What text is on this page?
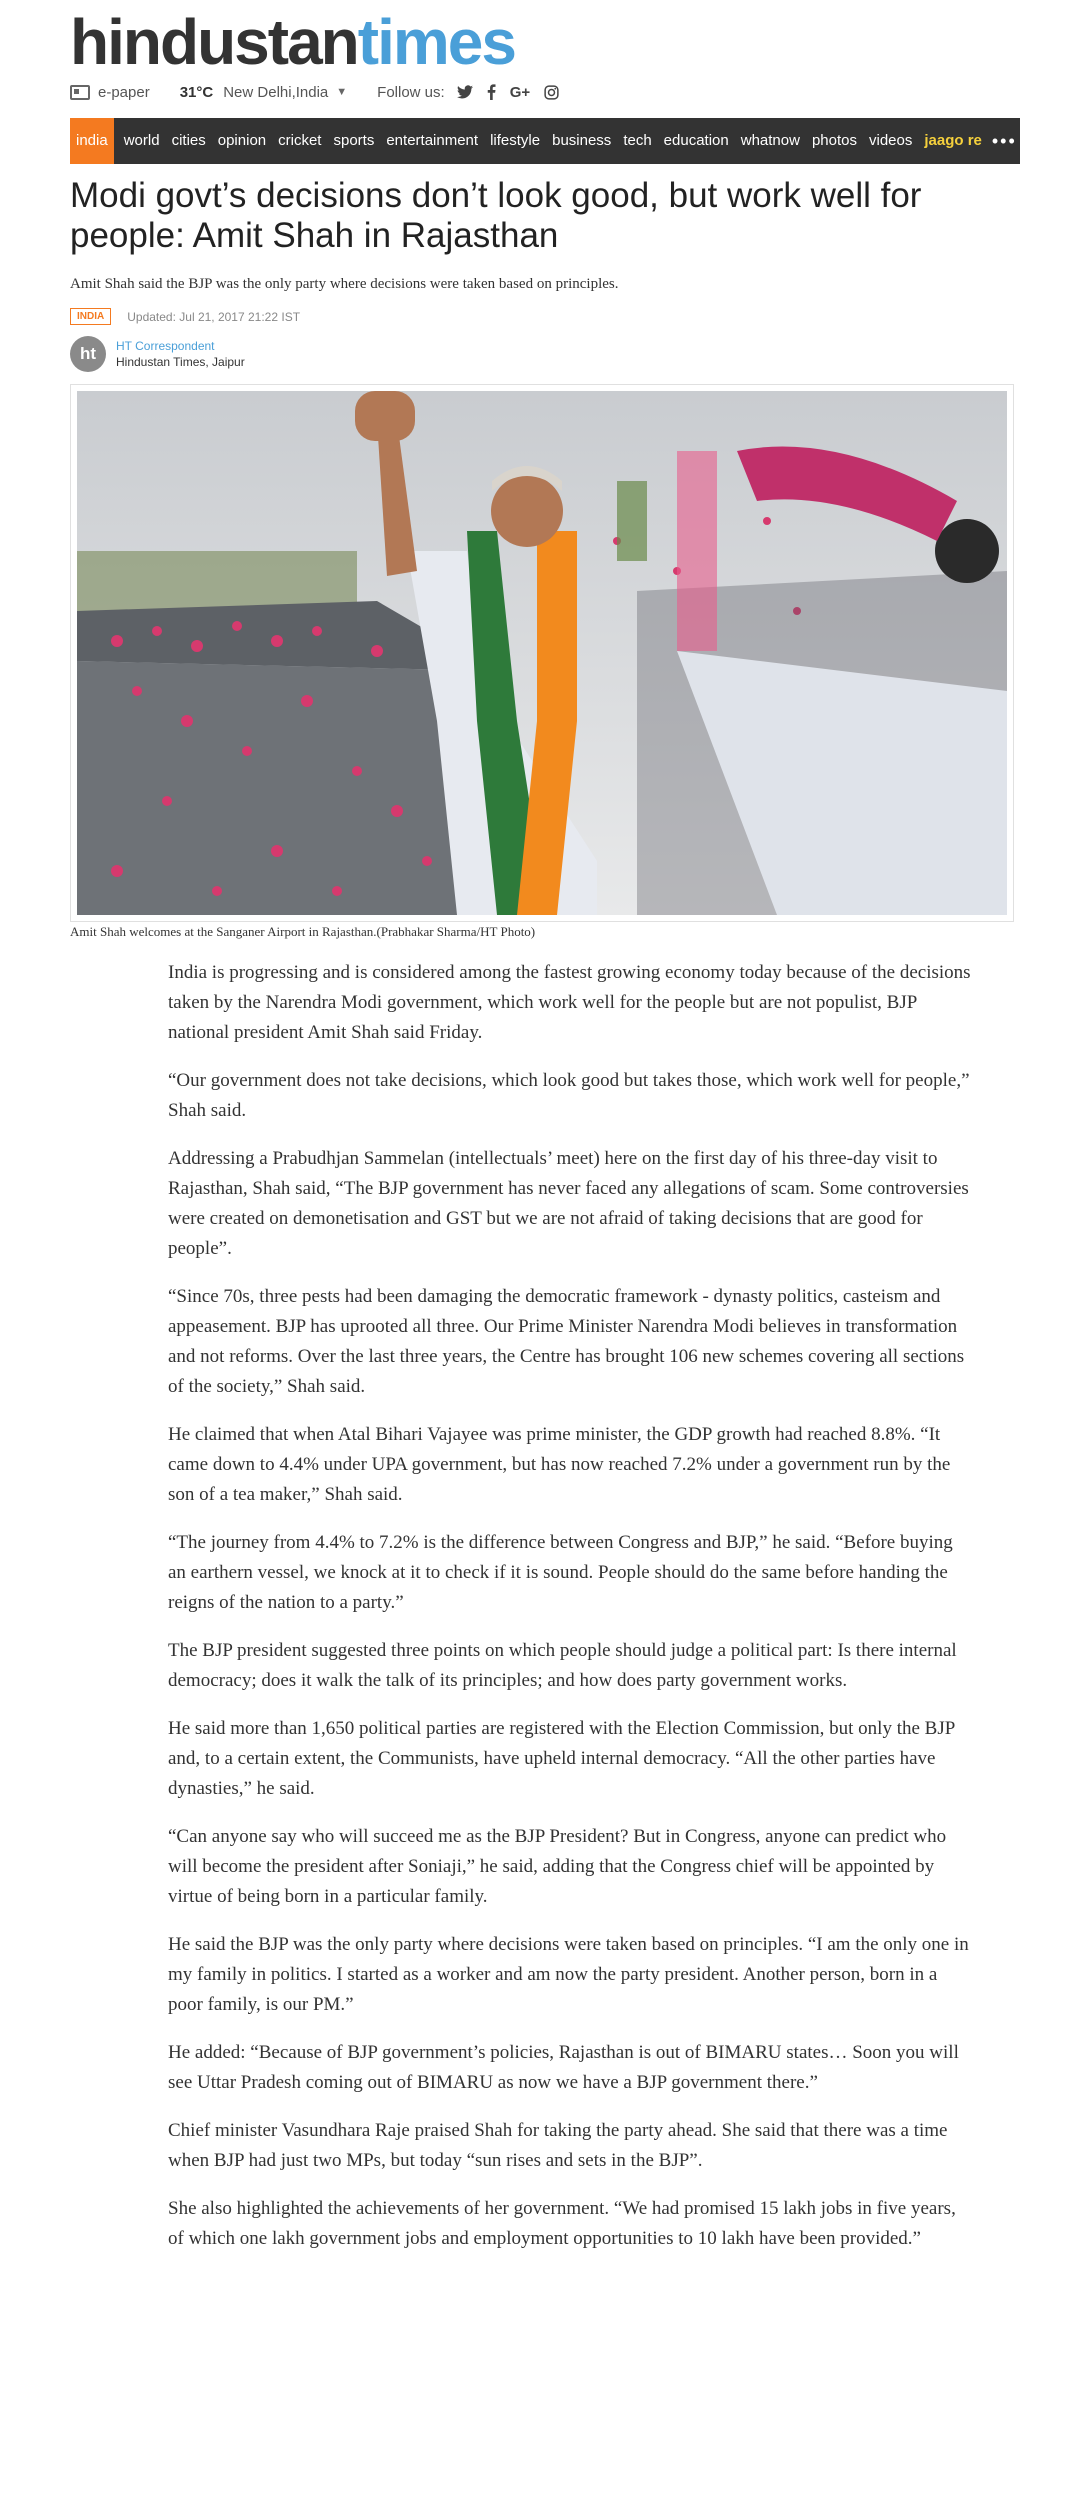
hindustantimes
e-paper 31°C New Delhi,India ▼ Follow us:	G+
india	world cities opinion cricket sports entertainment lifestyle business tech education whatnow photos videos jaago re •••
Modi govt’s decisions don’t look good, but work well for people: Amit Shah in Rajasthan
Amit Shah said the BJP was the only party where decisions were taken based on principles.
INDIA	Updated: Jul 21, 2017 21:22 IST
ht	HT Correspondent
Hindustan Times, Jaipur
Amit Shah welcomes at the Sanganer Airport in Rajasthan.(Prabhakar Sharma/HT Photo)

India is progressing and is considered among the fastest growing economy today because of the decisions taken by the Narendra Modi government, which work well for the people but are not populist, BJP national president Amit Shah said Friday.

“Our government does not take decisions, which look good but takes those, which work well for people,” Shah said.

Addressing a Prabudhjan Sammelan (intellectuals’ meet) here on the first day of his three-day visit to Rajasthan, Shah said, “The BJP government has never faced any allegations of scam. Some controversies were created on demonetisation and GST but we are not afraid of taking decisions that are good for people”.

“Since 70s, three pests had been damaging the democratic framework - dynasty politics, casteism and appeasement. BJP has uprooted all three. Our Prime Minister Narendra Modi believes in transformation and not reforms. Over the last three years, the Centre has brought 106 new schemes covering all sections of the society,” Shah said.

He claimed that when Atal Bihari Vajayee was prime minister, the GDP growth had reached 8.8%. “It came down to 4.4% under UPA government, but has now reached 7.2% under a government run by the son of a tea maker,” Shah said.

“The journey from 4.4% to 7.2% is the difference between Congress and BJP,” he said. “Before buying an earthern vessel, we knock at it to check if it is sound. People should do the same before handing the reigns of the nation to a party.”

The BJP president suggested three points on which people should judge a political part: Is there internal democracy; does it walk the talk of its principles; and how does party government works.

He said more than 1,650 political parties are registered with the Election Commission, but only the BJP and, to a certain extent, the Communists, have upheld internal democracy. “All the other parties have dynasties,” he said.

“Can anyone say who will succeed me as the BJP President? But in Congress, anyone can predict who will become the president after Soniaji,” he said, adding that the Congress chief will be appointed by virtue of being born in a particular family.

He said the BJP was the only party where decisions were taken based on principles. “I am the only one in my family in politics. I started as a worker and am now the party president. Another person, born in a poor family, is our PM.”

He added: “Because of BJP government’s policies, Rajasthan is out of BIMARU states… Soon you will see Uttar Pradesh coming out of BIMARU as now we have a BJP government there.”

Chief minister Vasundhara Raje praised Shah for taking the party ahead. She said that there was a time when BJP had just two MPs, but today “sun rises and sets in the BJP”.

She also highlighted the achievements of her government. “We had promised 15 lakh jobs in five years, of which one lakh government jobs and employment opportunities to 10 lakh have been provided.”
